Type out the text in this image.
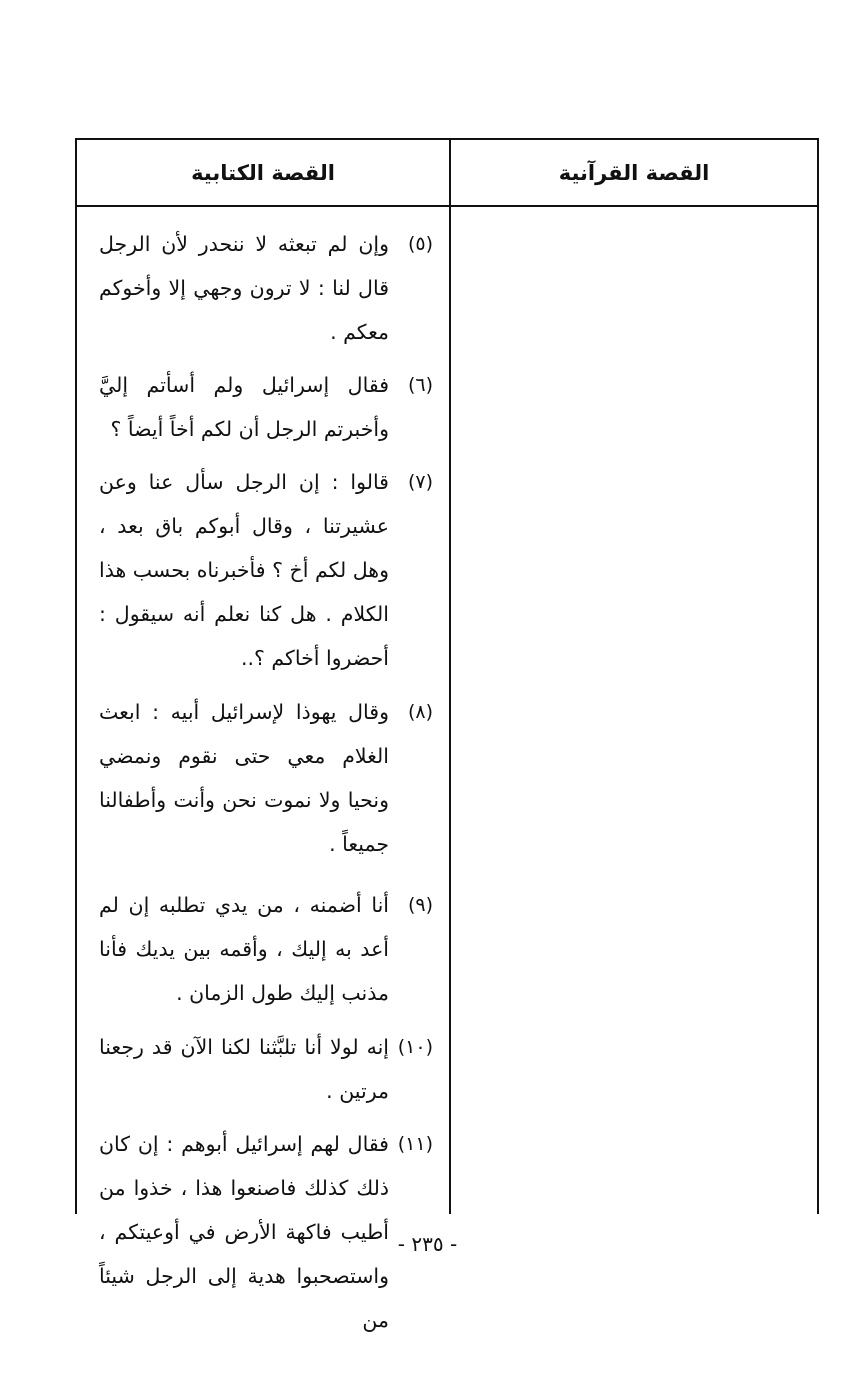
القصة الكتابية	القصة القرآنية
(٥)
وإن لم تبعثه لا ننحدر لأن الرجل قال لنا : لا ترون وجهي إلا وأخوكم معكم .
(٦)
فقال إسرائيل ولم أسأتم إليَّ وأخبرتم الرجل أن لكم أخاً أيضاً ؟
(٧)
قالوا : إن الرجل سأل عنا وعن عشيرتنا ، وقال أبوكم باق بعد ، وهل لكم أخ ؟ فأخبرناه بحسب هذا الكلام . هل كنا نعلم أنه سيقول : أحضروا أخاكم ؟..
(٨)
وقال يهوذا لإسرائيل أبيه : ابعث الغلام معي حتى نقوم ونمضي ونحيا ولا نموت نحن وأنت وأطفالنا جميعاً .
(٩)
أنا أضمنه ، من يدي تطلبه إن لم أعد به إليك ، وأقمه بين يديك فأنا مذنب إليك طول الزمان .
(١٠)
إنه لولا أنا تلبَّثنا لكنا الآن قد رجعنا مرتين .
(١١)
فقال لهم إسرائيل أبوهم : إن كان ذلك كذلك فاصنعوا هذا ، خذوا من أطيب فاكهة الأرض في أوعيتكم ، واستصحبوا هدية إلى الرجل شيئاً من
- ٢٣٥ -
